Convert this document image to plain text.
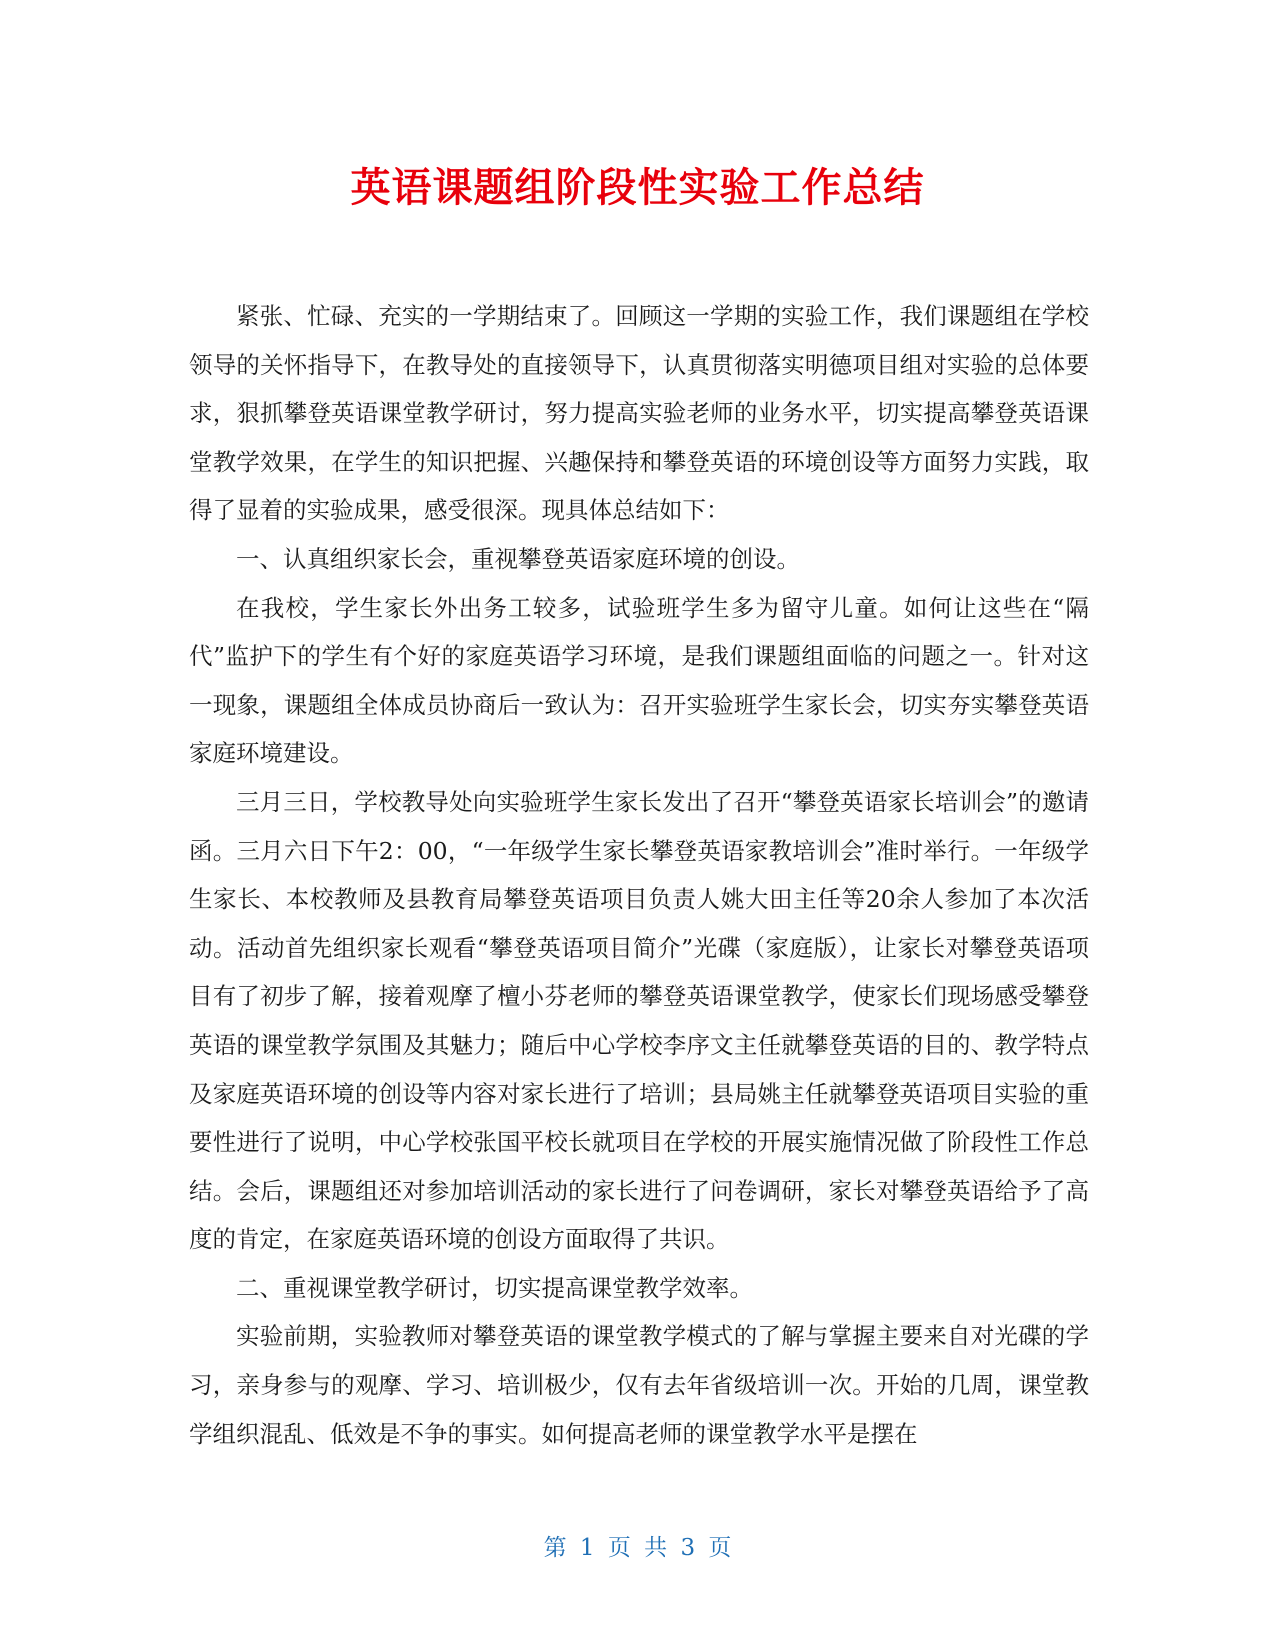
英语课题组阶段性实验工作总结

紧张、忙碌、充实的一学期结束了。回顾这一学期的实验工作，我们课题组在学校领导的关怀指导下，在教导处的直接领导下，认真贯彻落实明德项目组对实验的总体要求，狠抓攀登英语课堂教学研讨，努力提高实验老师的业务水平，切实提高攀登英语课堂教学效果，在学生的知识把握、兴趣保持和攀登英语的环境创设等方面努力实践，取得了显着的实验成果，感受很深。现具体总结如下：

一、认真组织家长会，重视攀登英语家庭环境的创设。

在我校，学生家长外出务工较多，试验班学生多为留守儿童。如何让这些在“隔代”监护下的学生有个好的家庭英语学习环境，是我们课题组面临的问题之一。针对这一现象，课题组全体成员协商后一致认为：召开实验班学生家长会，切实夯实攀登英语家庭环境建设。

三月三日，学校教导处向实验班学生家长发出了召开“攀登英语家长培训会”的邀请函。三月六日下午2：00，“一年级学生家长攀登英语家教培训会”准时举行。一年级学生家长、本校教师及县教育局攀登英语项目负责人姚大田主任等20余人参加了本次活动。活动首先组织家长观看“攀登英语项目简介”光碟（家庭版），让家长对攀登英语项目有了初步了解，接着观摩了檀小芬老师的攀登英语课堂教学，使家长们现场感受攀登英语的课堂教学氛围及其魅力；随后中心学校李序文主任就攀登英语的目的、教学特点及家庭英语环境的创设等内容对家长进行了培训；县局姚主任就攀登英语项目实验的重要性进行了说明，中心学校张国平校长就项目在学校的开展实施情况做了阶段性工作总结。会后，课题组还对参加培训活动的家长进行了问卷调研，家长对攀登英语给予了高度的肯定，在家庭英语环境的创设方面取得了共识。

二、重视课堂教学研讨，切实提高课堂教学效率。

实验前期，实验教师对攀登英语的课堂教学模式的了解与掌握主要来自对光碟的学习，亲身参与的观摩、学习、培训极少，仅有去年省级培训一次。开始的几周，课堂教学组织混乱、低效是不争的事实。如何提高老师的课堂教学水平是摆在

第 1 页 共 3 页
